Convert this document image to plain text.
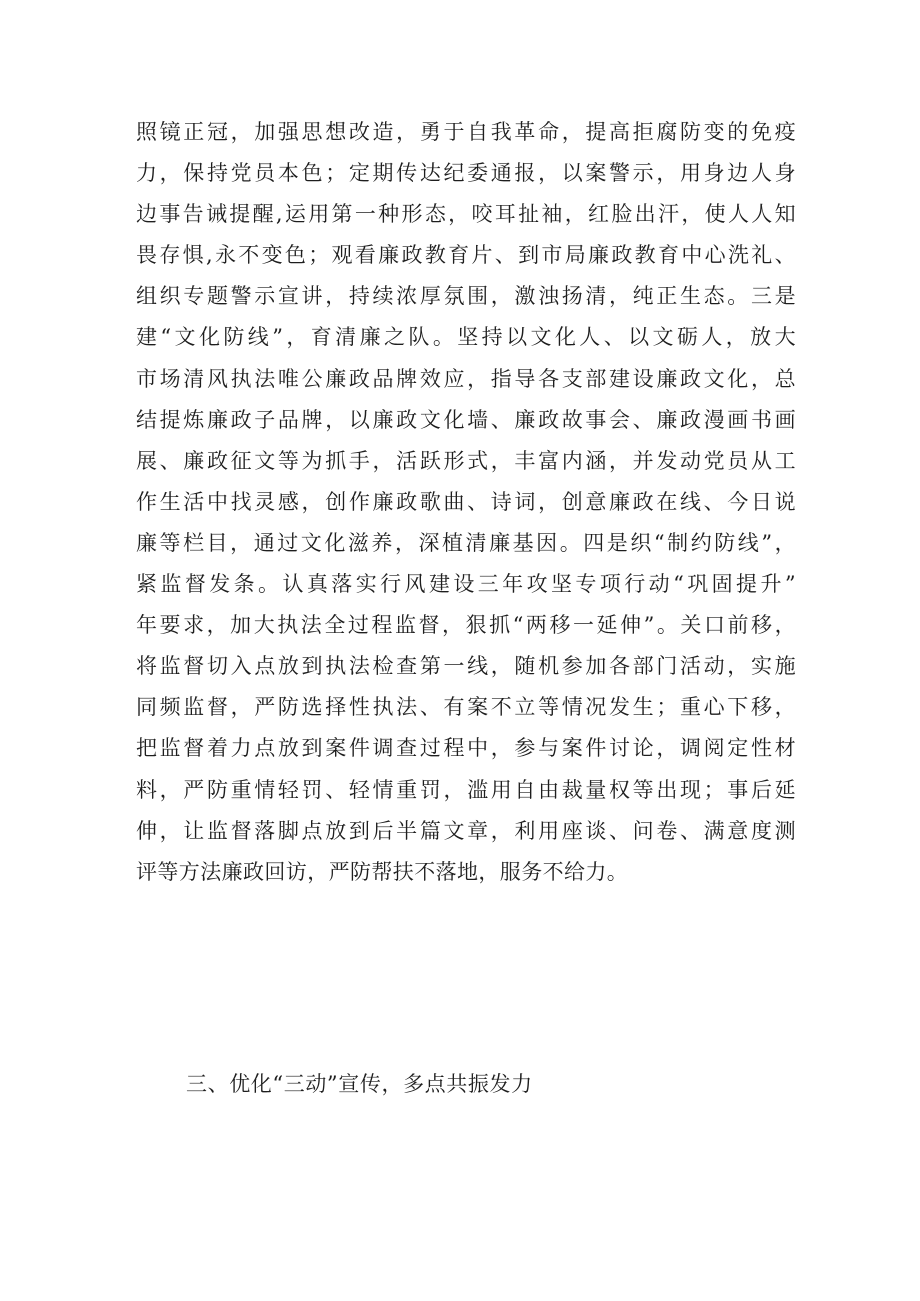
照镜正冠，加强思想改造，勇于自我革命，提高拒腐防变的免疫
力，保持党员本色；定期传达纪委通报，以案警示，用身边人身
边事告诫提醒,运用第一种形态，咬耳扯袖，红脸出汗，使人人知
畏存惧,永不变色；观看廉政教育片、到市局廉政教育中心洗礼、
组织专题警示宣讲，持续浓厚氛围，激浊扬清，纯正生态。三是
建“文化防线”，育清廉之队。坚持以文化人、以文砺人，放大
市场清风执法唯公廉政品牌效应，指导各支部建设廉政文化，总
结提炼廉政子品牌，以廉政文化墙、廉政故事会、廉政漫画书画
展、廉政征文等为抓手，活跃形式，丰富内涵，并发动党员从工
作生活中找灵感，创作廉政歌曲、诗词，创意廉政在线、今日说
廉等栏目，通过文化滋养，深植清廉基因。四是织“制约防线”，
紧监督发条。认真落实行风建设三年攻坚专项行动“巩固提升”
年要求，加大执法全过程监督，狠抓“两移一延伸”。关口前移，
将监督切入点放到执法检查第一线，随机参加各部门活动，实施
同频监督，严防选择性执法、有案不立等情况发生；重心下移，
把监督着力点放到案件调查过程中，参与案件讨论，调阅定性材
料，严防重情轻罚、轻情重罚，滥用自由裁量权等出现；事后延
伸，让监督落脚点放到后半篇文章，利用座谈、问卷、满意度测
评等方法廉政回访，严防帮扶不落地，服务不给力。
三、优化“三动”宣传，多点共振发力
